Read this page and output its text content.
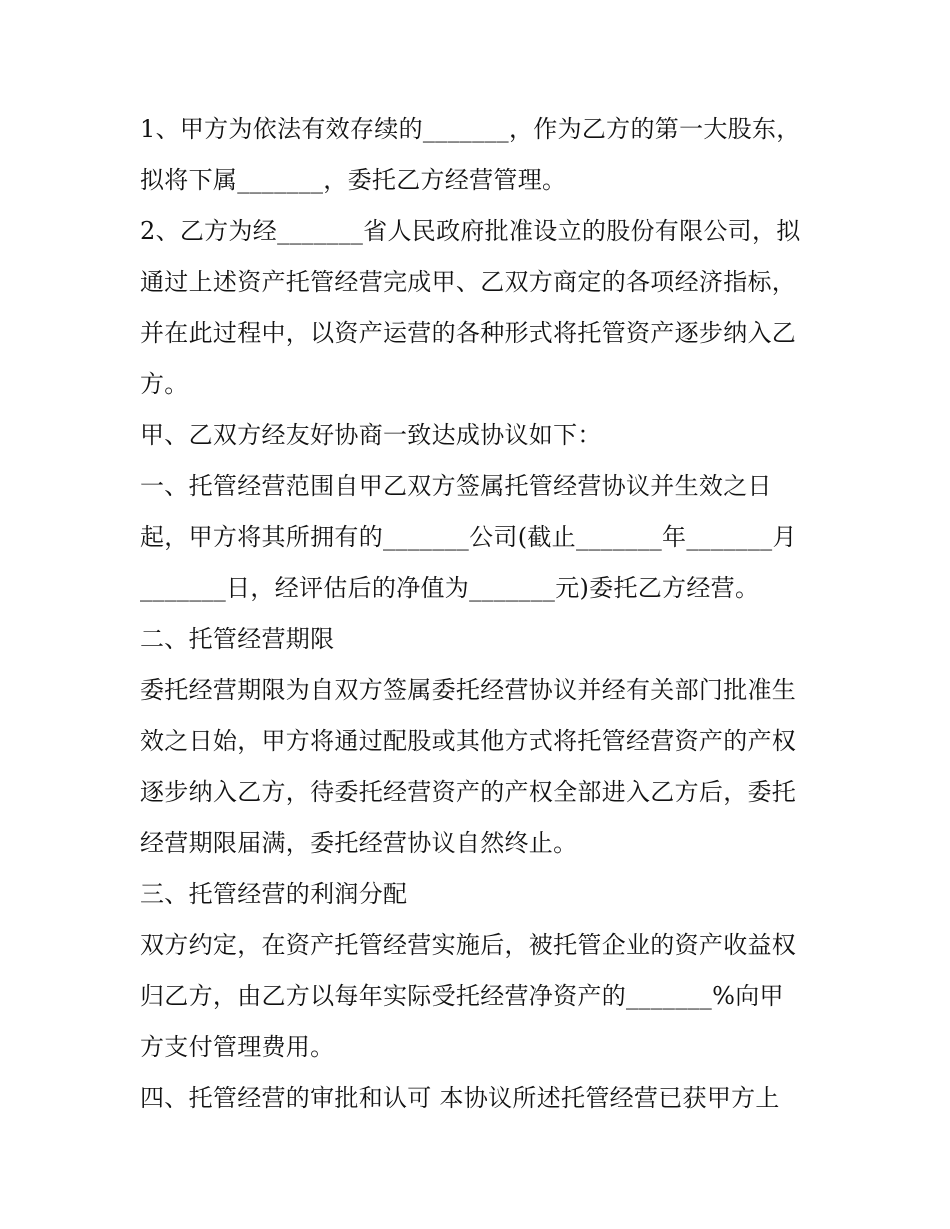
1、甲方为依法有效存续的_______，作为乙方的第一大股东，
拟将下属_______，委托乙方经营管理。
2、乙方为经_______省人民政府批准设立的股份有限公司，拟
通过上述资产托管经营完成甲、乙双方商定的各项经济指标，
并在此过程中，以资产运营的各种形式将托管资产逐步纳入乙
方。
甲、乙双方经友好协商一致达成协议如下：
一、托管经营范围自甲乙双方签属托管经营协议并生效之日
起，甲方将其所拥有的_______公司(截止_______年_______月
_______日，经评估后的净值为_______元)委托乙方经营。
二、托管经营期限
委托经营期限为自双方签属委托经营协议并经有关部门批准生
效之日始，甲方将通过配股或其他方式将托管经营资产的产权
逐步纳入乙方，待委托经营资产的产权全部进入乙方后，委托
经营期限届满，委托经营协议自然终止。
三、托管经营的利润分配
双方约定，在资产托管经营实施后，被托管企业的资产收益权
归乙方，由乙方以每年实际受托经营净资产的_______%向甲
方支付管理费用。
四、托管经营的审批和认可 本协议所述托管经营已获甲方上
